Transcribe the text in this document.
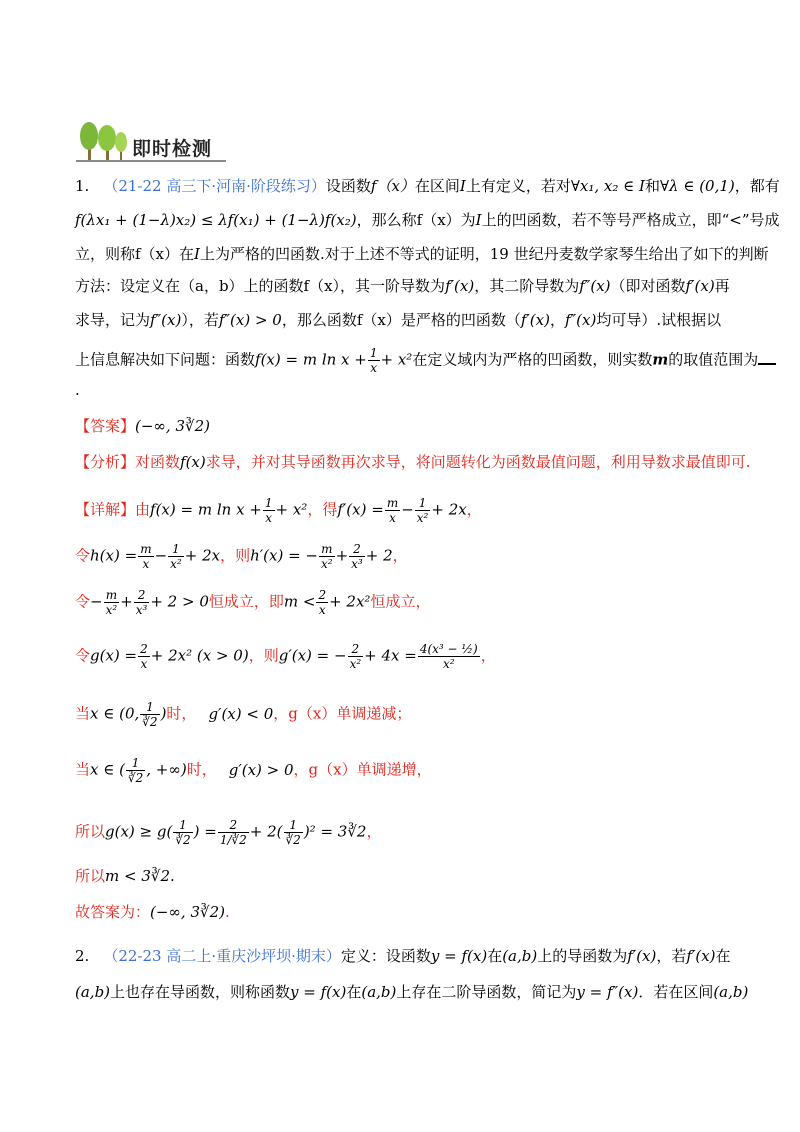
即时检测
1. （21-22 高三下·河南·阶段练习）设函数f（x）在区间I上有定义，若对∀x₁, x₂ ∈ I和∀λ ∈ (0,1)，都有
f(λx₁ + (1−λ)x₂) ≤ λf(x₁) + (1−λ)f(x₂)，那么称f（x）为I上的凹函数，若不等号严格成立，即“<”号成
立，则称f（x）在I上为严格的凹函数.对于上述不等式的证明，19 世纪丹麦数学家琴生给出了如下的判断
方法：设定义在（a，b）上的函数f（x），其一阶导数为f′(x)，其二阶导数为f″(x)（即对函数f′(x)再
求导，记为f″(x)），若f″(x) > 0，那么函数f（x）是严格的凹函数（f′(x)，f″(x)均可导）.试根据以
上信息解决如下问题：函数f(x) = m $\ln x + \frac{1}{x} + x^2$在定义域内为严格的凹函数，则实数m的取值范围为
.
【答案】(−∞, 3∛2)
【分析】对函数f(x)求导，并对其导函数再次求导，将问题转化为函数最值问题，利用导数求最值即可.
【详解】由f(x) = m $\ln x + \frac{1}{x} + x^2$，得$f'(x) = \frac{m}{x} - \frac{1}{\text{x²}} + 2x$，
令$h(x) = \frac{m}{x} - \frac{1}{\text{x²}} + 2x$，则h′(x) = − $\frac{m}{\text{x²}} + \frac{2}{\text{x³}} + 2$，
令− $\frac{m}{\text{x²}} + \frac{2}{\text{x³}} + 2 > 0$恒成立，即$m < \frac{2}{x} + 2x^2$恒成立，
令$g(x) = \frac{2}{x} + 2x^2$ (x > 0)，则g′(x) = − $\frac{2}{\text{x²}} + 4x = \frac{\text{4(x³ − ½)}}{\text{x²}}$ ，
当x ∈ (0, $\frac{1}{∛2}$ )时， g′(x) < 0，g（x）单调递减；
当x ∈ ( $\frac{1}{∛2}$ , +∞)时， g′(x) > 0，g（x）单调递增，
所以$g(x) \ge g( \frac{1}{∛2}$ ) = $\frac{2}{1/∛2} + 2( \frac{1}{∛2} )^2$ = 3∛2，
所以m < 3∛2.
故答案为：(−∞, 3∛2).
2. （22-23 高二上·重庆沙坪坝·期末）定义：设函数y = f(x)在(a,b)上的导函数为f′(x)，若f′(x)在
(a,b)上也存在导函数，则称函数y = f(x)在(a,b)上存在二阶导函数，简记为y = f″(x)．若在区间(a,b)
